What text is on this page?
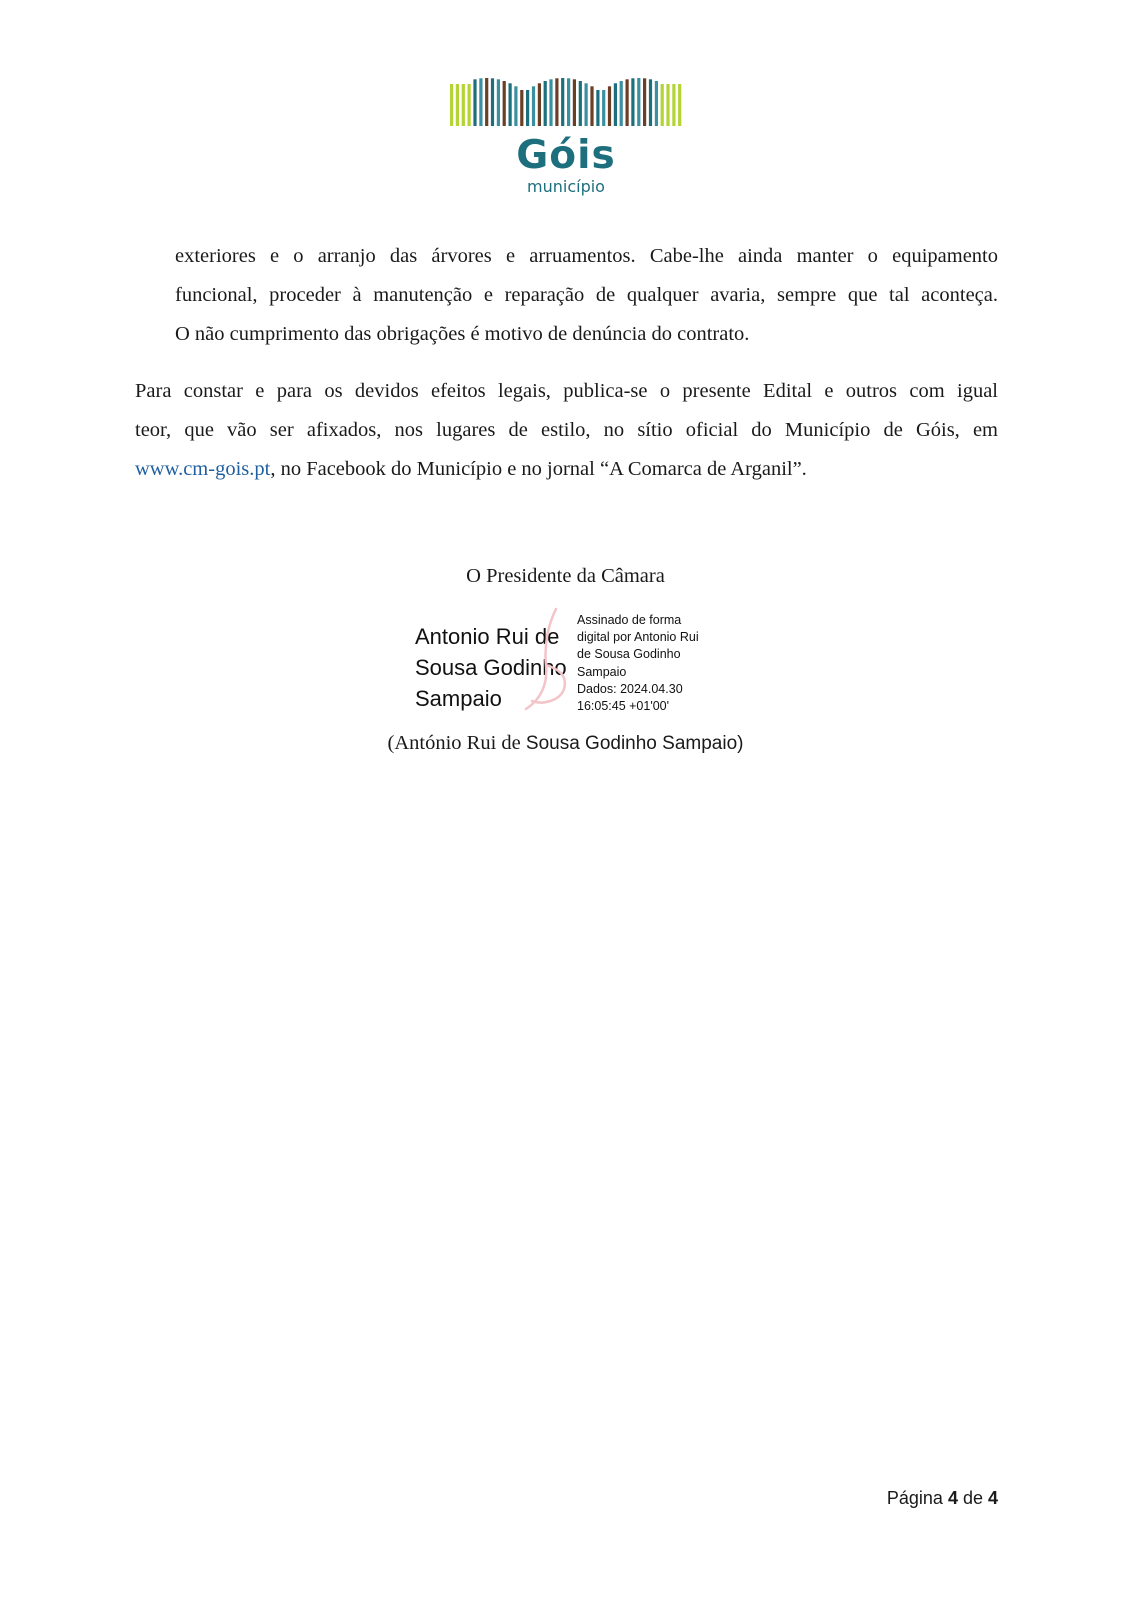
Góis
município
exteriores e o arranjo das árvores e arruamentos. Cabe-lhe ainda manter o equipamento
funcional, proceder à manutenção e reparação de qualquer avaria, sempre que tal aconteça.
O não cumprimento das obrigações é motivo de denúncia do contrato.
Para constar e para os devidos efeitos legais, publica-se o presente Edital e outros com igual
teor, que vão ser afixados, nos lugares de estilo, no sítio oficial do Município de Góis, em
www.cm-gois.pt, no Facebook do Município e no jornal “A Comarca de Arganil”.
O Presidente da Câmara
Antonio Rui de
Sousa Godinho
Sampaio
Assinado de forma
digital por Antonio Rui
de Sousa Godinho
Sampaio
Dados: 2024.04.30
16:05:45 +01'00'
(António Rui de Sousa Godinho Sampaio)
Página 4 de 4
